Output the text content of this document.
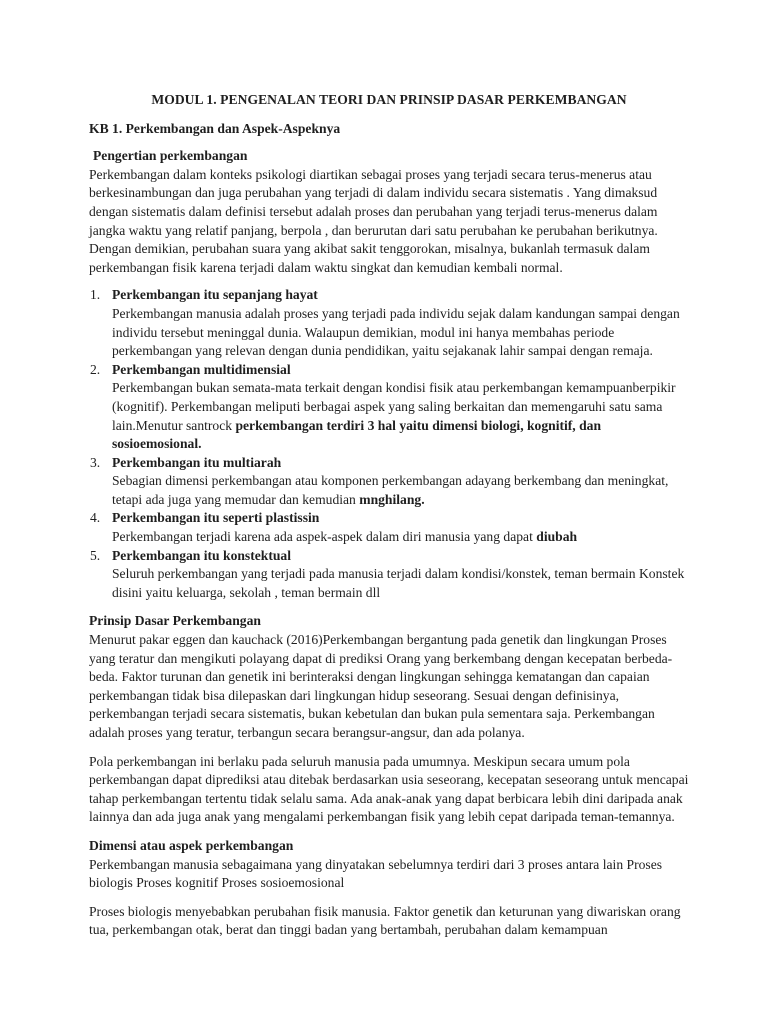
MODUL 1. PENGENALAN TEORI DAN PRINSIP DASAR PERKEMBANGAN
KB 1. Perkembangan dan Aspek-Aspeknya
Pengertian perkembangan

Perkembangan dalam konteks psikologi diartikan sebagai proses yang terjadi secara terus-menerus atau berkesinambungan dan juga perubahan yang terjadi di dalam individu secara sistematis . Yang dimaksud dengan sistematis dalam definisi tersebut adalah proses dan perubahan yang terjadi terus-menerus dalam jangka waktu yang relatif panjang, berpola , dan berurutan dari satu perubahan ke perubahan berikutnya. Dengan demikian, perubahan suara yang akibat sakit tenggorokan, misalnya, bukanlah termasuk dalam perkembangan fisik karena terjadi dalam waktu singkat dan kemudian kembali normal.

1. Perkembangan itu sepanjang hayat
Perkembangan manusia adalah proses yang terjadi pada individu sejak dalam kandungan sampai dengan individu tersebut meninggal dunia. Walaupun demikian, modul ini hanya membahas periode perkembangan yang relevan dengan dunia pendidikan, yaitu sejakanak lahir sampai dengan remaja.
2. Perkembangan multidimensial
Perkembangan bukan semata-mata terkait dengan kondisi fisik atau perkembangan kemampuanberpikir (kognitif). Perkembangan meliputi berbagai aspek yang saling berkaitan dan memengaruhi satu sama lain.Menutur santrock perkembangan terdiri 3 hal yaitu dimensi biologi, kognitif, dan sosioemosional.
3. Perkembangan itu multiarah
Sebagian dimensi perkembangan atau komponen perkembangan adayang berkembang dan meningkat, tetapi ada juga yang memudar dan kemudian mnghilang.
4. Perkembangan itu seperti plastissin
Perkembangan terjadi karena ada aspek-aspek dalam diri manusia yang dapat diubah
5. Perkembangan itu konstektual
Seluruh perkembangan yang terjadi pada manusia terjadi dalam kondisi/konstek, teman bermain Konstek disini yaitu keluarga, sekolah , teman bermain dll
Prinsip Dasar Perkembangan

Menurut pakar eggen dan kauchack (2016)Perkembangan bergantung pada genetik dan lingkungan Proses yang teratur dan mengikuti polayang dapat di prediksi Orang yang berkembang dengan kecepatan berbeda-beda. Faktor turunan dan genetik ini berinteraksi dengan lingkungan sehingga kematangan dan capaian perkembangan tidak bisa dilepaskan dari lingkungan hidup seseorang. Sesuai dengan definisinya, perkembangan terjadi secara sistematis, bukan kebetulan dan bukan pula sementara saja. Perkembangan adalah proses yang teratur, terbangun secara berangsur-angsur, dan ada polanya.

Pola perkembangan ini berlaku pada seluruh manusia pada umumnya. Meskipun secara umum pola perkembangan dapat diprediksi atau ditebak berdasarkan usia seseorang, kecepatan seseorang untuk mencapai tahap perkembangan tertentu tidak selalu sama. Ada anak-anak yang dapat berbicara lebih dini daripada anak lainnya dan ada juga anak yang mengalami perkembangan fisik yang lebih cepat daripada teman-temannya.

Dimensi atau aspek perkembangan

Perkembangan manusia sebagaimana yang dinyatakan sebelumnya terdiri dari 3 proses antara lain Proses biologis Proses kognitif Proses sosioemosional

Proses biologis menyebabkan perubahan fisik manusia. Faktor genetik dan keturunan yang diwariskan orang tua, perkembangan otak, berat dan tinggi badan yang bertambah, perubahan dalam kemampuan
